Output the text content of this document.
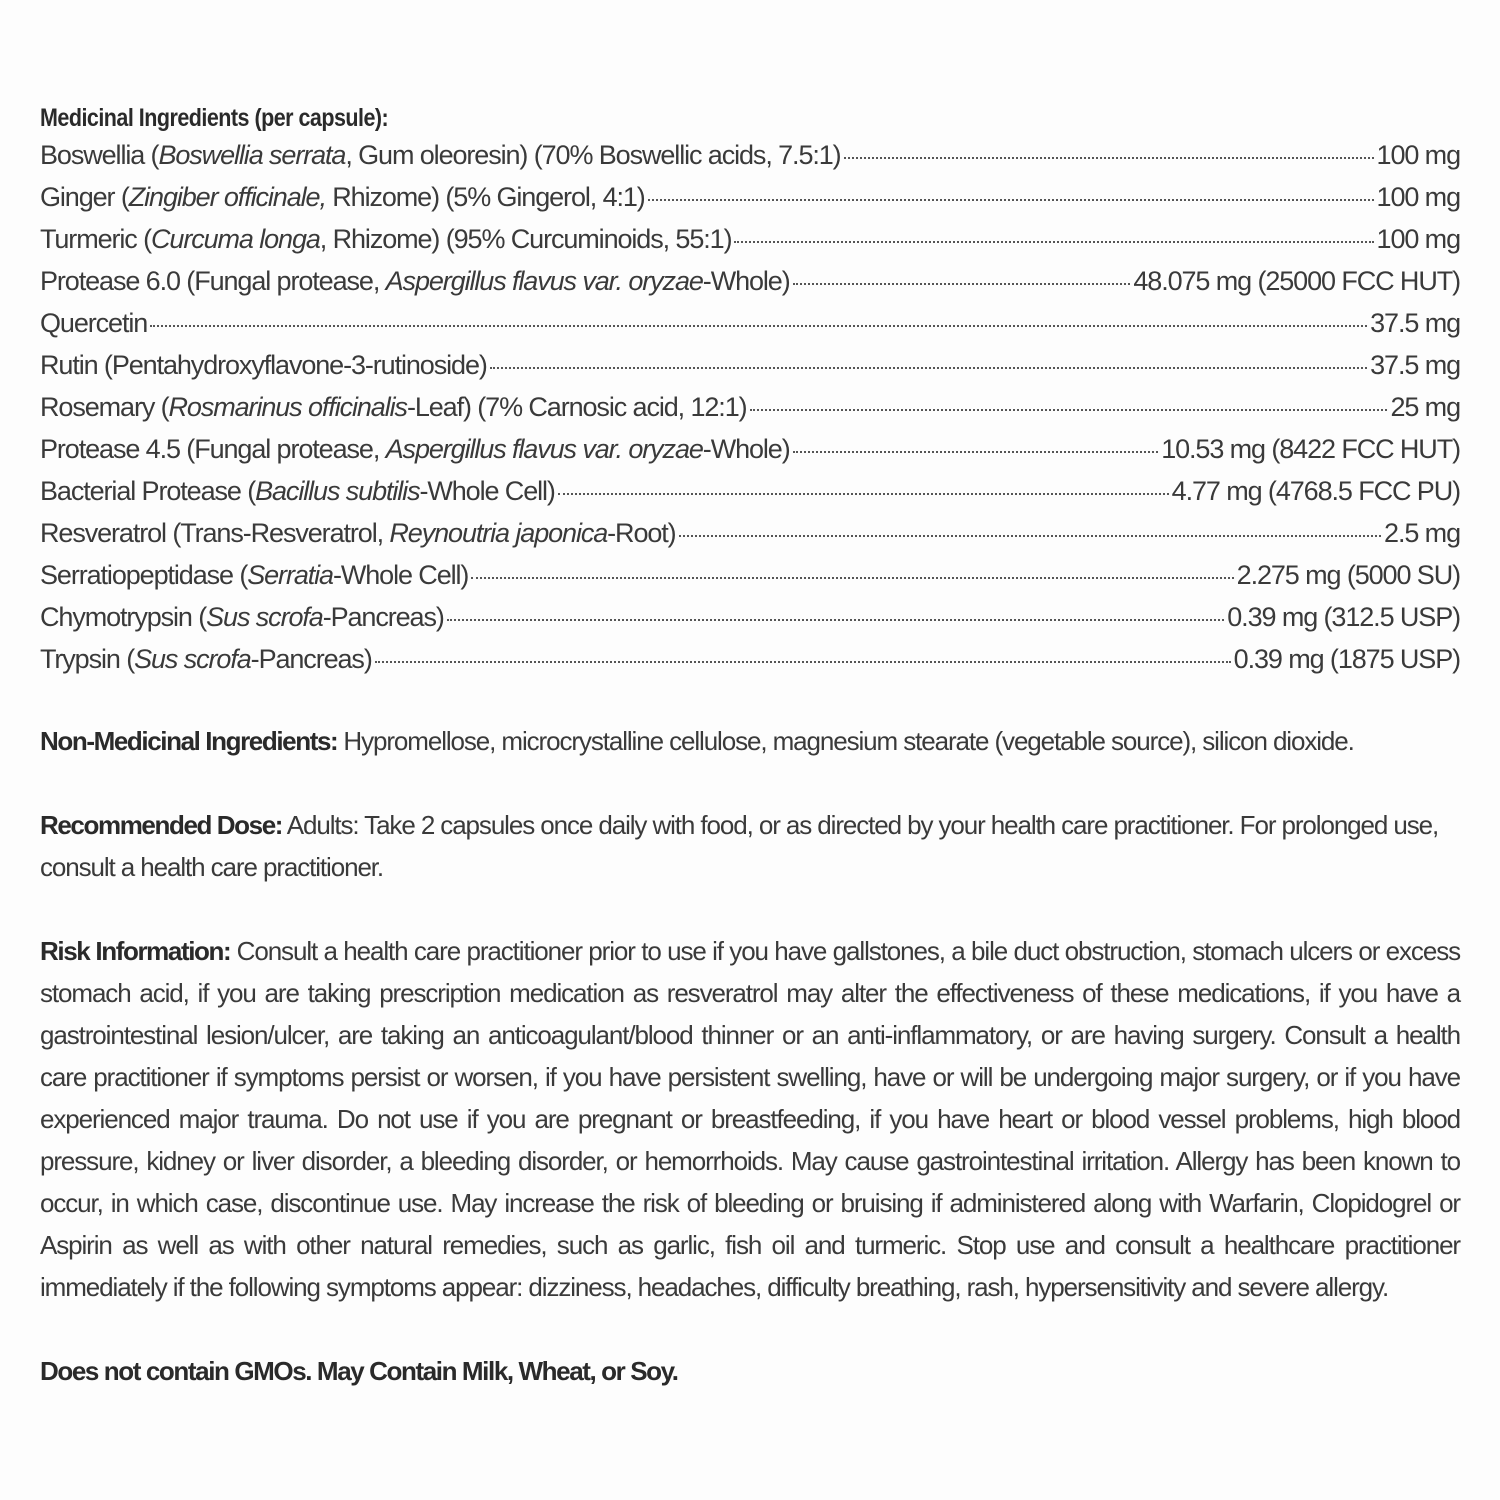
Medicinal Ingredients (per capsule):
Boswellia (Boswellia serrata, Gum oleoresin) (70% Boswellic acids, 7.5:1)	100 mg
Ginger (Zingiber officinale, Rhizome) (5% Gingerol, 4:1)	100 mg
Turmeric (Curcuma longa, Rhizome) (95% Curcuminoids, 55:1)	100 mg
Protease 6.0 (Fungal protease, Aspergillus flavus var. oryzae-Whole)	48.075 mg (25000 FCC HUT)
Quercetin	37.5 mg
Rutin (Pentahydroxyflavone-3-rutinoside)	37.5 mg
Rosemary (Rosmarinus officinalis-Leaf) (7% Carnosic acid, 12:1)	25 mg
Protease 4.5 (Fungal protease, Aspergillus flavus var. oryzae-Whole)	10.53 mg (8422 FCC HUT)
Bacterial Protease (Bacillus subtilis-Whole Cell)	4.77 mg (4768.5 FCC PU)
Resveratrol (Trans-Resveratrol, Reynoutria japonica-Root)	2.5 mg
Serratiopeptidase (Serratia-Whole Cell)	2.275 mg (5000 SU)
Chymotrypsin (Sus scrofa-Pancreas)	0.39 mg (312.5 USP)
Trypsin (Sus scrofa-Pancreas)	0.39 mg (1875 USP)

Non-Medicinal Ingredients: Hypromellose, microcrystalline cellulose, magnesium stearate (vegetable source), silicon dioxide.

Recommended Dose: Adults: Take 2 capsules once daily with food, or as directed by your health care practitioner. For prolonged use, consult a health care practitioner.

Risk Information: Consult a health care practitioner prior to use if you have gallstones, a bile duct obstruction, stomach ulcers or excess stomach acid, if you are taking prescription medication as resveratrol may alter the effectiveness of these medications, if you have a gastrointestinal lesion/ulcer, are taking an anticoagulant/blood thinner or an anti-inflammatory, or are having surgery. Consult a health care practitioner if symptoms persist or worsen, if you have persistent swelling, have or will be undergoing major surgery, or if you have experienced major trauma. Do not use if you are pregnant or breastfeeding, if you have heart or blood vessel problems, high blood pressure, kidney or liver disorder, a bleeding disorder, or hemorrhoids. May cause gastrointestinal irritation. Allergy has been known to occur, in which case, discontinue use. May increase the risk of bleeding or bruising if administered along with Warfarin, Clopidogrel or Aspirin as well as with other natural remedies, such as garlic, fish oil and turmeric. Stop use and consult a healthcare practitioner immediately if the following symptoms appear: dizziness, headaches, difficulty breathing, rash, hypersensitivity and severe allergy.

Does not contain GMOs. May Contain Milk, Wheat, or Soy.
